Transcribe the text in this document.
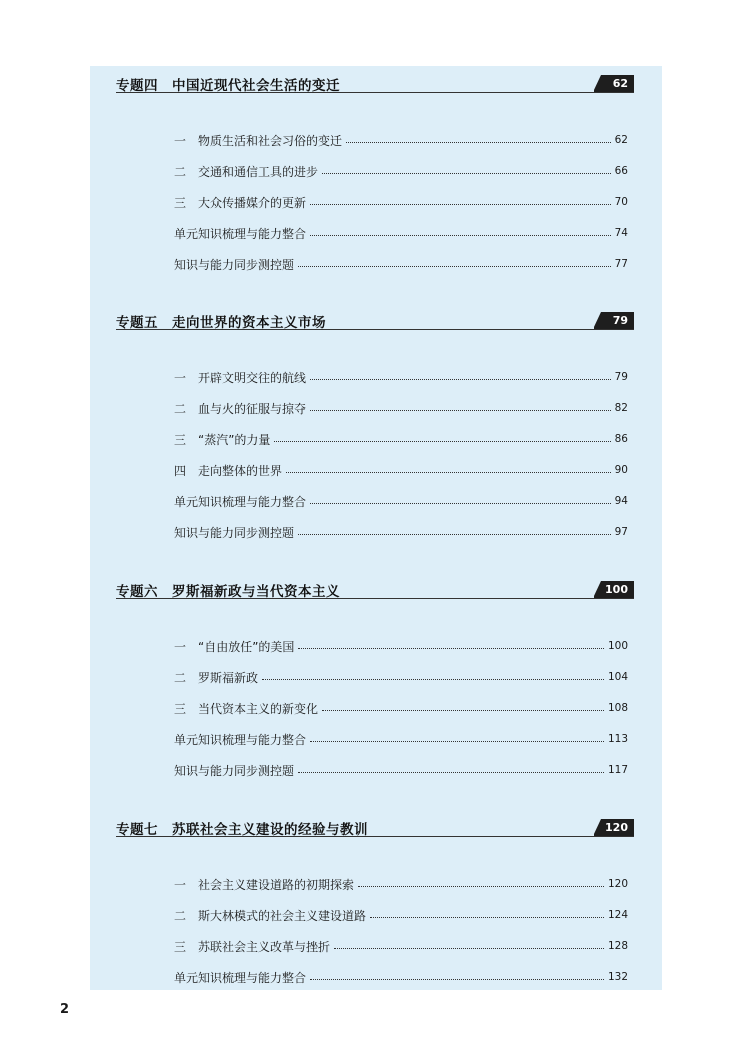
专题四　中国近现代社会生活的变迁	62
一　物质生活和社会习俗的变迁	62
二　交通和通信工具的进步	66
三　大众传播媒介的更新	70
单元知识梳理与能力整合	74
知识与能力同步测控题	77
专题五　走向世界的资本主义市场	79
一　开辟文明交往的航线	79
二　血与火的征服与掠夺	82
三　“蒸汽”的力量	86
四　走向整体的世界	90
单元知识梳理与能力整合	94
知识与能力同步测控题	97
专题六　罗斯福新政与当代资本主义	100
一　“自由放任”的美国	100
二　罗斯福新政	104
三　当代资本主义的新变化	108
单元知识梳理与能力整合	113
知识与能力同步测控题	117
专题七　苏联社会主义建设的经验与教训	120
一　社会主义建设道路的初期探索	120
二　斯大林模式的社会主义建设道路	124
三　苏联社会主义改革与挫折	128
单元知识梳理与能力整合	132
2
